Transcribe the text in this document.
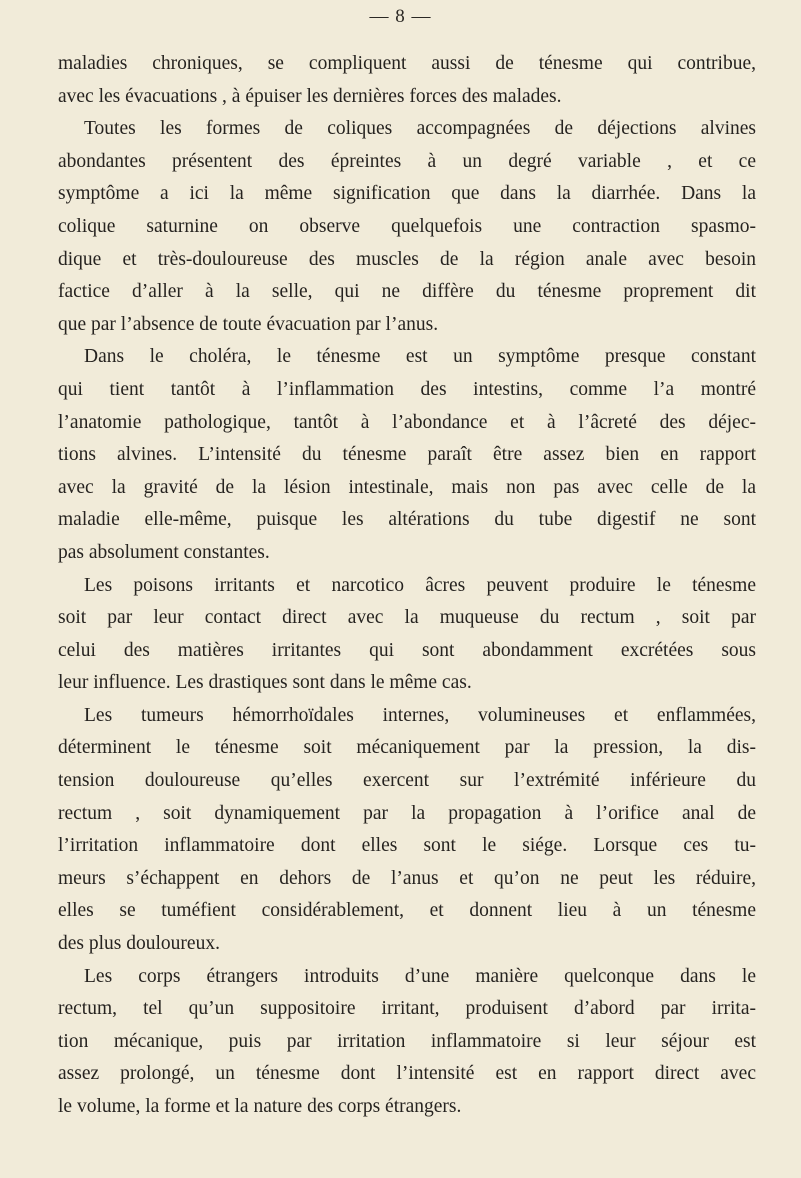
— 8 —
maladies chroniques, se compliquent aussi de ténesme qui contribue,
avec les évacuations , à épuiser les dernières forces des malades.
Toutes les formes de coliques accompagnées de déjections alvines
abondantes présentent des épreintes à un degré variable , et ce
symptôme a ici la même signification que dans la diarrhée. Dans la
colique saturnine on observe quelquefois une contraction spasmo-
dique et très-douloureuse des muscles de la région anale avec besoin
factice d’aller à la selle, qui ne diffère du ténesme proprement dit
que par l’absence de toute évacuation par l’anus.
Dans le choléra, le ténesme est un symptôme presque constant
qui tient tantôt à l’inflammation des intestins, comme l’a montré
l’anatomie pathologique, tantôt à l’abondance et à l’âcreté des déjec-
tions alvines. L’intensité du ténesme paraît être assez bien en rapport
avec la gravité de la lésion intestinale, mais non pas avec celle de la
maladie elle-même, puisque les altérations du tube digestif ne sont
pas absolument constantes.
Les poisons irritants et narcotico âcres peuvent produire le ténesme
soit par leur contact direct avec la muqueuse du rectum , soit par
celui des matières irritantes qui sont abondamment excrétées sous
leur influence. Les drastiques sont dans le même cas.
Les tumeurs hémorrhoïdales internes, volumineuses et enflammées,
déterminent le ténesme soit mécaniquement par la pression, la dis-
tension douloureuse qu’elles exercent sur l’extrémité inférieure du
rectum , soit dynamiquement par la propagation à l’orifice anal de
l’irritation inflammatoire dont elles sont le siége. Lorsque ces tu-
meurs s’échappent en dehors de l’anus et qu’on ne peut les réduire,
elles se tuméfient considérablement, et donnent lieu à un ténesme
des plus douloureux.
Les corps étrangers introduits d’une manière quelconque dans le
rectum, tel qu’un suppositoire irritant, produisent d’abord par irrita-
tion mécanique, puis par irritation inflammatoire si leur séjour est
assez prolongé, un ténesme dont l’intensité est en rapport direct avec
le volume, la forme et la nature des corps étrangers.
